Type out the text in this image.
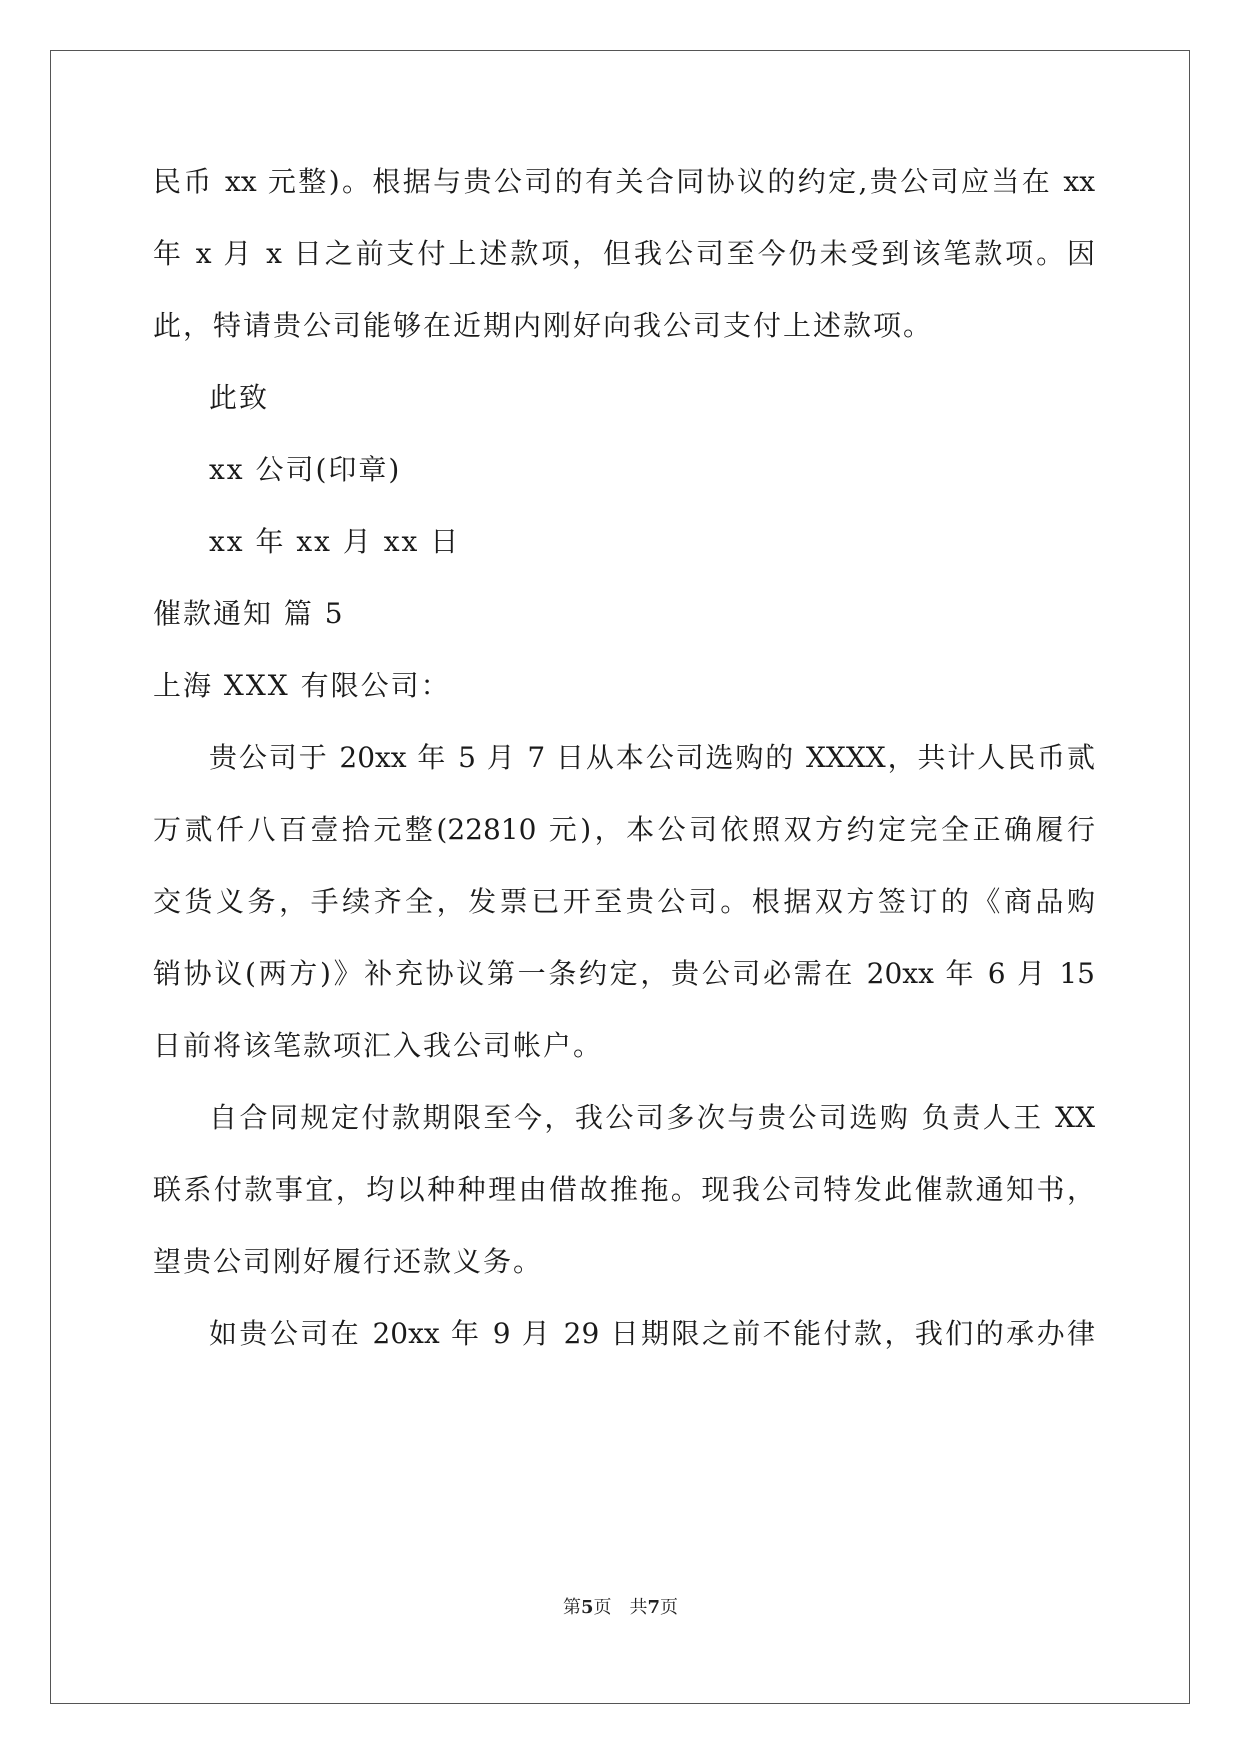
民币 xx 元整)。根据与贵公司的有关合同协议的约定,贵公司应当在 xx
年 x 月 x 日之前支付上述款项，但我公司至今仍未受到该笔款项。因
此，特请贵公司能够在近期内刚好向我公司支付上述款项。
此致
xx 公司(印章)
xx 年 xx 月 xx 日
催款通知 篇 5
上海 XXX 有限公司：
贵公司于 20xx 年 5 月 7 日从本公司选购的 XXXX，共计人民币贰
万贰仟八百壹拾元整(22810 元)，本公司依照双方约定完全正确履行
交货义务，手续齐全，发票已开至贵公司。根据双方签订的《商品购
销协议(两方)》补充协议第一条约定，贵公司必需在 20xx 年 6 月 15
日前将该笔款项汇入我公司帐户。
自合同规定付款期限至今，我公司多次与贵公司选购 负责人王 XX
联系付款事宜，均以种种理由借故推拖。现我公司特发此催款通知书，
望贵公司刚好履行还款义务。
如贵公司在 20xx 年 9 月 29 日期限之前不能付款，我们的承办律
第5页　共7页
